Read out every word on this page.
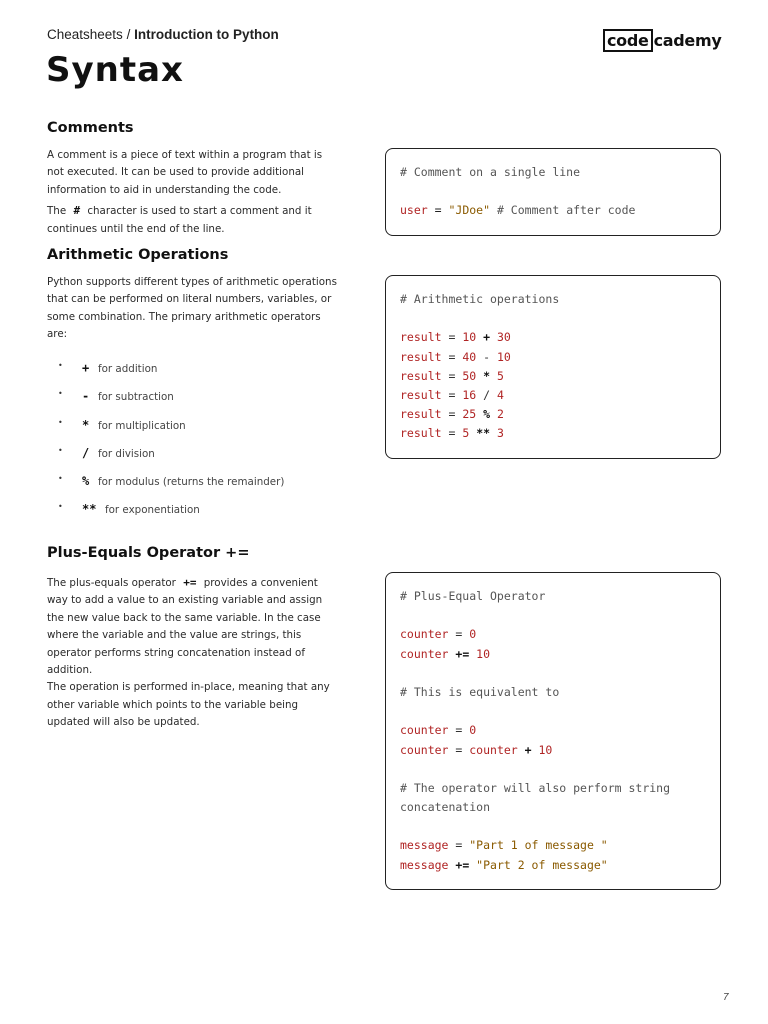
Cheatsheets / Introduction to Python	code cademy
Syntax
Comments
A comment is a piece of text within a program that is not executed. It can be used to provide additional information to aid in understanding the code.
The # character is used to start a comment and it continues until the end of the line.
# Comment on a single line
user = "JDoe" # Comment after code
Arithmetic Operations
Python supports different types of arithmetic operations that can be performed on literal numbers, variables, or some combination. The primary arithmetic operators are:
•	+ for addition
•	- for subtraction
•	* for multiplication
•	/ for division
•	% for modulus (returns the remainder)
•	** for exponentiation
# Arithmetic operations
result = 10 + 30
result = 40 - 10
result = 50 * 5
result = 16 / 4
result = 25 % 2
result = 5 ** 3
Plus-Equals Operator +=
The plus-equals operator += provides a convenient way to add a value to an existing variable and assign the new value back to the same variable. In the case where the variable and the value are strings, this operator performs string concatenation instead of addition.
The operation is performed in-place, meaning that any other variable which points to the variable being updated will also be updated.
# Plus-Equal Operator
counter = 0
counter += 10
# This is equivalent to
counter = 0
counter = counter + 10
# The operator will also perform string
concatenation
message = "Part 1 of message "
message += "Part 2 of message"
7
